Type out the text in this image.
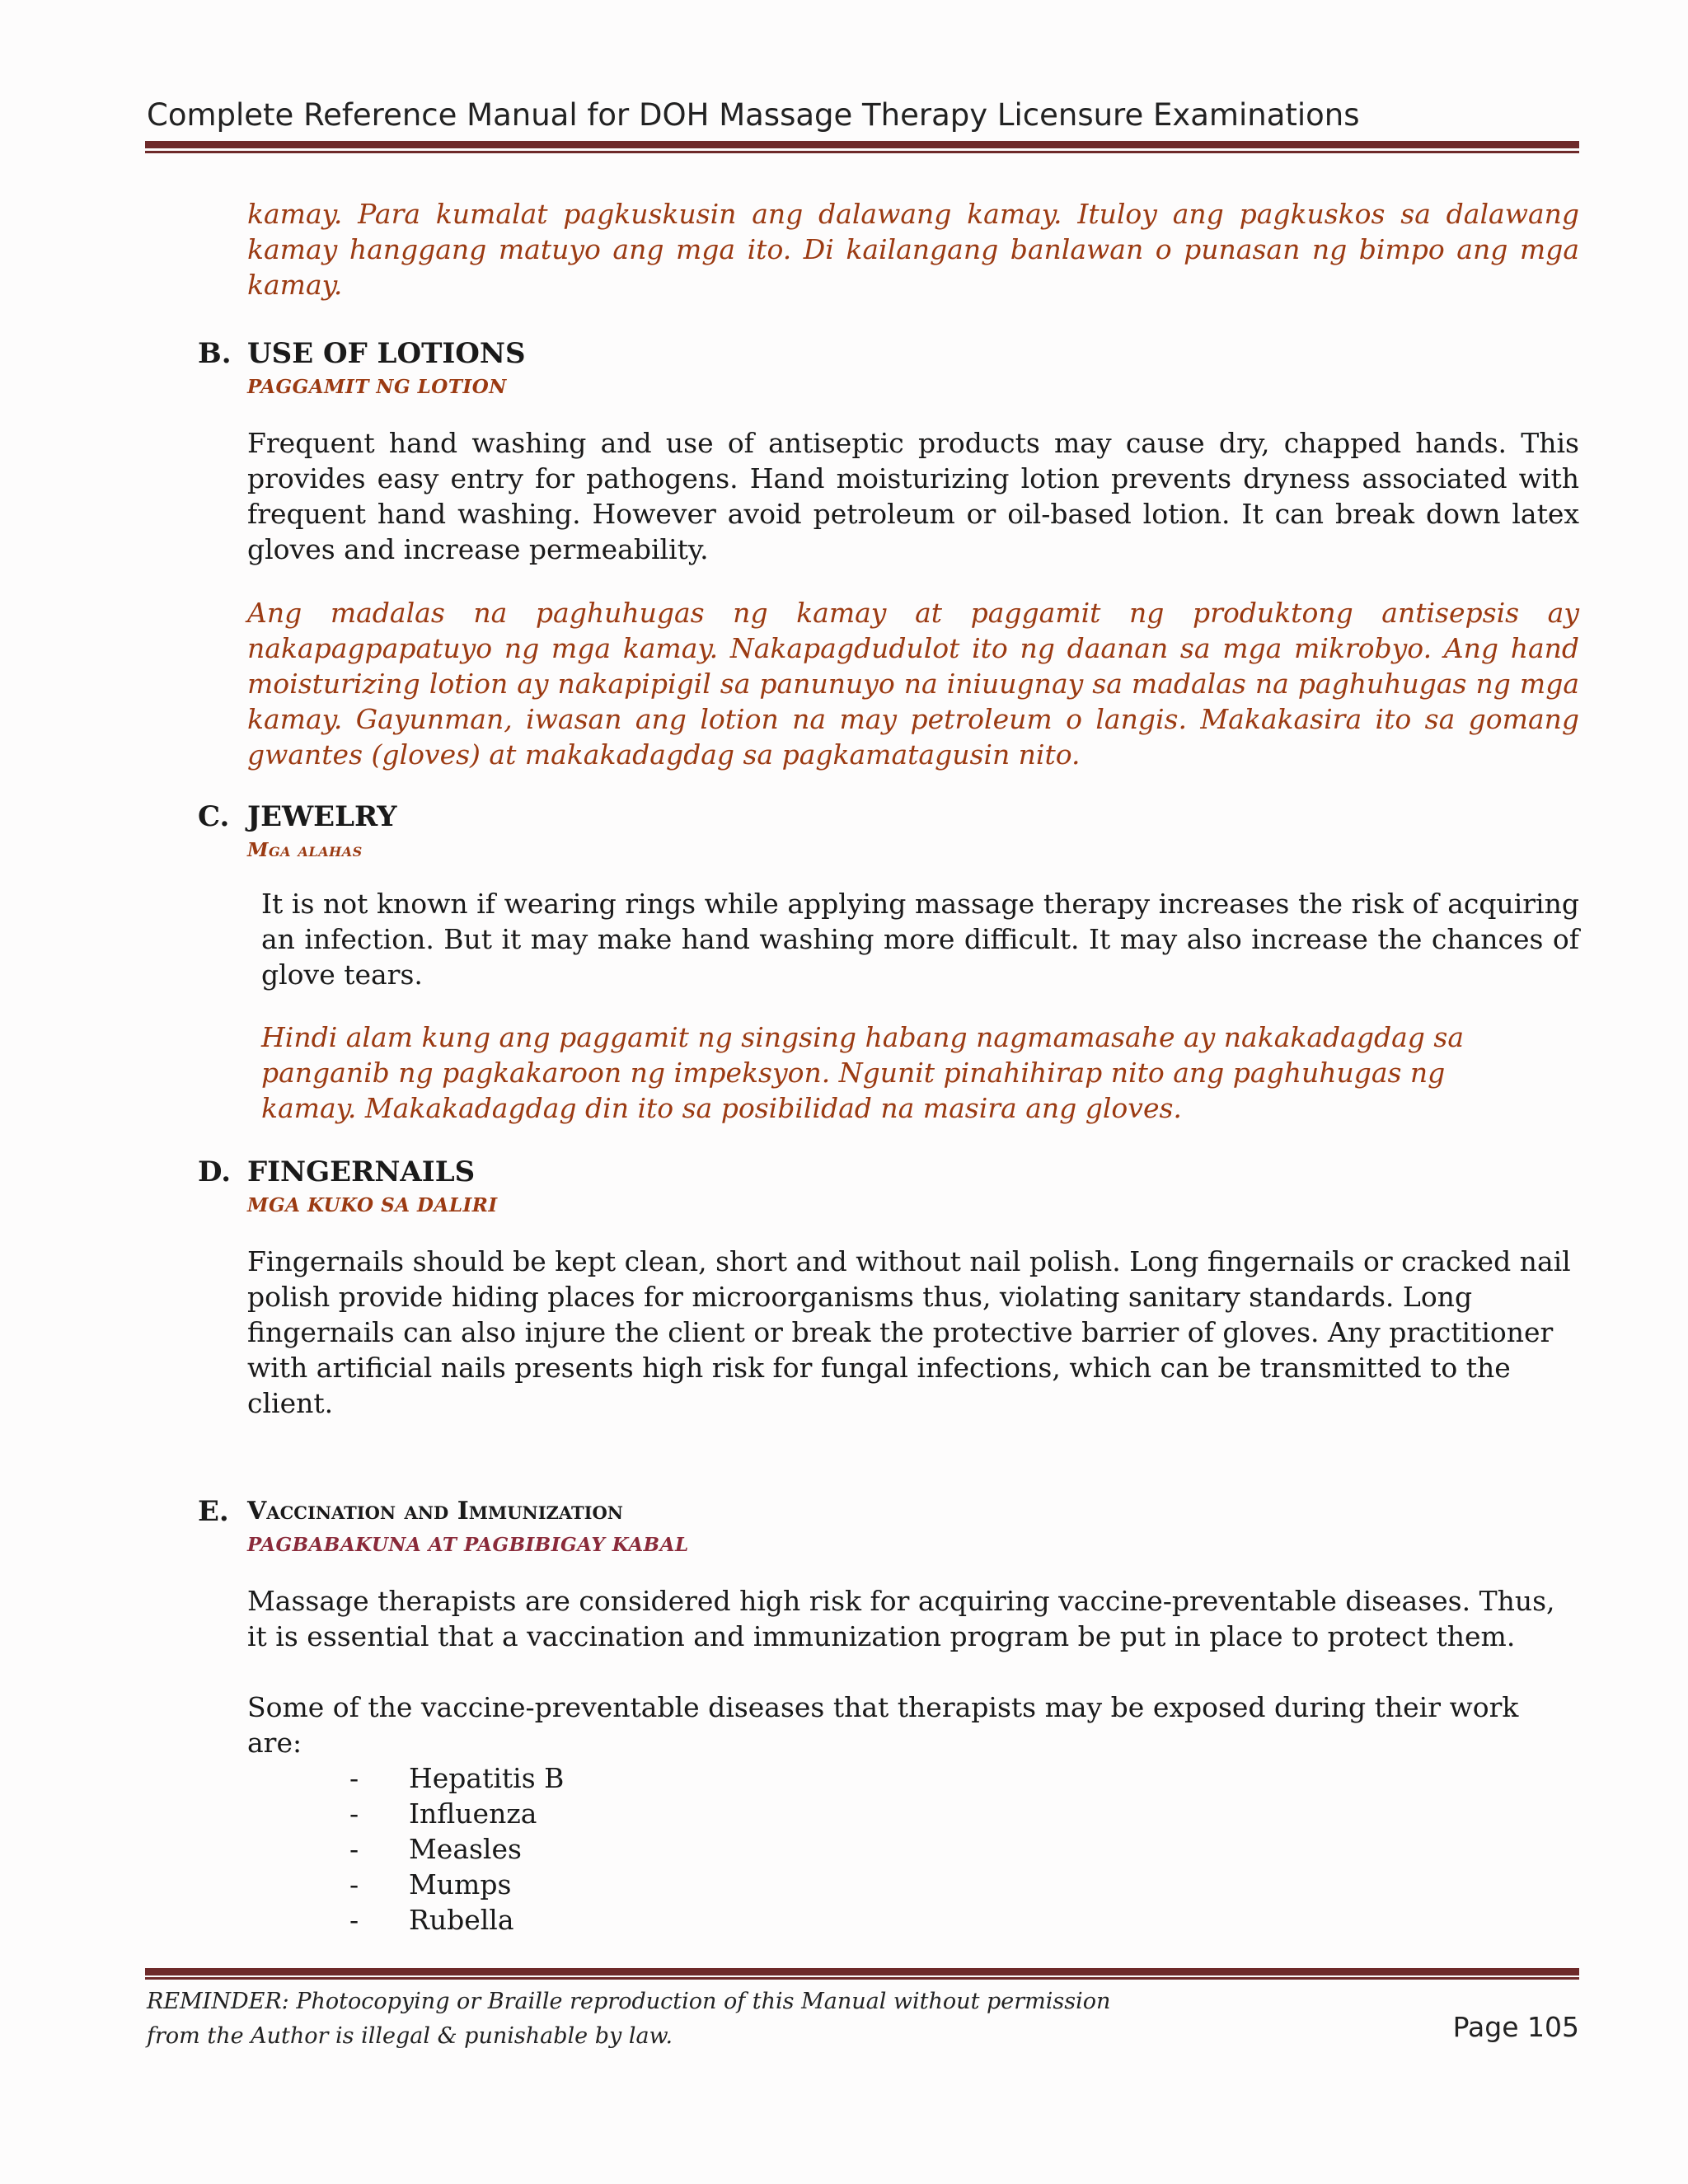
Complete Reference Manual for DOH Massage Therapy Licensure Examinations

kamay. Para kumalat pagkuskusin ang dalawang kamay. Ituloy ang pagkuskos sa dalawang kamay hanggang matuyo ang mga ito. Di kailangang banlawan o punasan ng bimpo ang mga kamay.

B. USE OF LOTIONS

PAGGAMIT NG LOTION

Frequent hand washing and use of antiseptic products may cause dry, chapped hands. This provides easy entry for pathogens. Hand moisturizing lotion prevents dryness associated with frequent hand washing. However avoid petroleum or oil-based lotion. It can break down latex gloves and increase permeability.

Ang madalas na paghuhugas ng kamay at paggamit ng produktong antisepsis ay nakapagpapatuyo ng mga kamay. Nakapagdudulot ito ng daanan sa mga mikrobyo. Ang hand moisturizing lotion ay nakapipigil sa panunuyo na iniuugnay sa madalas na paghuhugas ng mga kamay. Gayunman, iwasan ang lotion na may petroleum o langis. Makakasira ito sa gomang gwantes (gloves) at makakadagdag sa pagkamatagusin nito.

C. JEWELRY

Mga alahas

It is not known if wearing rings while applying massage therapy increases the risk of acquiring an infection. But it may make hand washing more difficult. It may also increase the chances of glove tears.

Hindi alam kung ang paggamit ng singsing habang nagmamasahe ay nakakadagdag sa panganib ng pagkakaroon ng impeksyon. Ngunit pinahihirap nito ang paghuhugas ng kamay. Makakadagdag din ito sa posibilidad na masira ang gloves.

D. FINGERNAILS

MGA KUKO SA DALIRI

Fingernails should be kept clean, short and without nail polish. Long fingernails or cracked nail polish provide hiding places for microorganisms thus, violating sanitary standards. Long fingernails can also injure the client or break the protective barrier of gloves. Any practitioner with artificial nails presents high risk for fungal infections, which can be transmitted to the client.

E. Vaccination and Immunization

PAGBABAKUNA AT PAGBIBIGAY KABAL

Massage therapists are considered high risk for acquiring vaccine-preventable diseases. Thus, it is essential that a vaccination and immunization program be put in place to protect them.

Some of the vaccine-preventable diseases that therapists may be exposed during their work are:

- Hepatitis B
- Influenza
- Measles
- Mumps
- Rubella
REMINDER: Photocopying or Braille reproduction of this Manual without permission
from the Author is illegal & punishable by law.	Page 105
